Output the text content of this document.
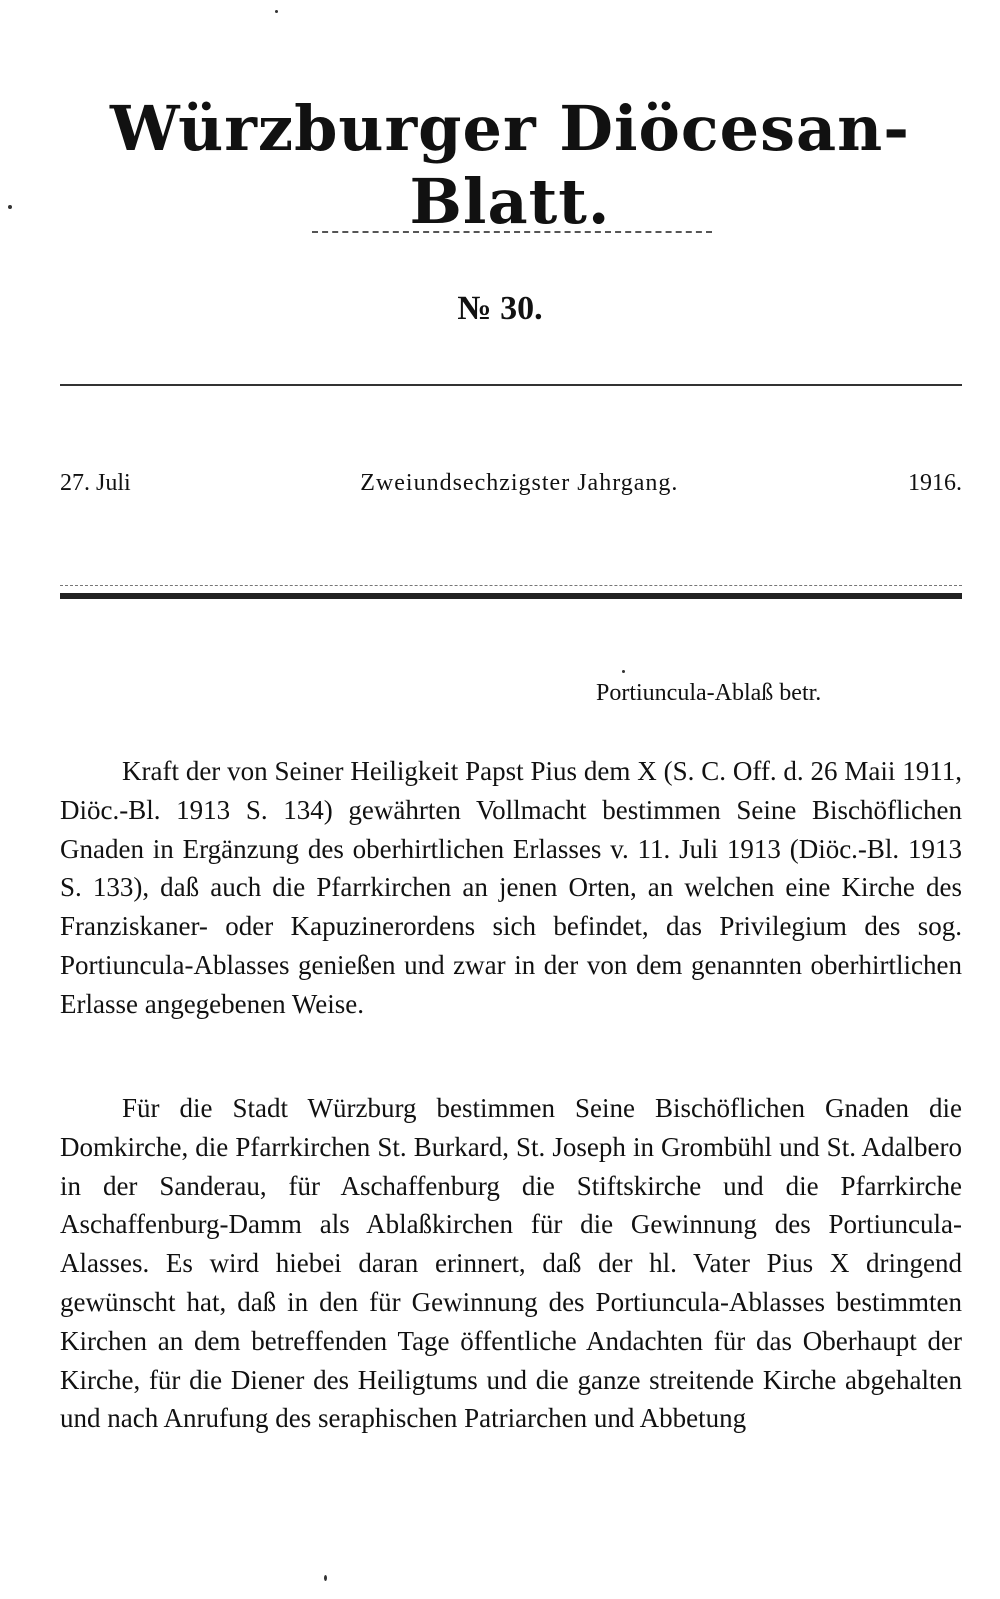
Würzburger Diöcesan-Blatt.
№ 30.
27. Juli	Zweiundsechzigster Jahrgang.	1916.
Portiuncula-Ablaß betr.

Kraft der von Seiner Heiligkeit Papst Pius dem X (S. C. Off. d. 26 Maii 1911, Diöc.-Bl. 1913 S. 134) gewährten Vollmacht bestimmen Seine Bischöflichen Gnaden in Ergänzung des oberhirtlichen Erlasses v. 11. Juli 1913 (Diöc.-Bl. 1913 S. 133), daß auch die Pfarrkirchen an jenen Orten, an welchen eine Kirche des Franziskaner- oder Kapuzinerordens sich befindet, das Privilegium des sog. Portiuncula-Ablasses genießen und zwar in der von dem genannten oberhirtlichen Erlasse angegebenen Weise.

Für die Stadt Würzburg bestimmen Seine Bischöflichen Gnaden die Domkirche, die Pfarrkirchen St. Burkard, St. Joseph in Grombühl und St. Adalbero in der Sanderau, für Aschaffenburg die Stiftskirche und die Pfarrkirche Aschaffenburg-Damm als Ablaßkirchen für die Gewinnung des Portiuncula-Alasses. Es wird hiebei daran erinnert, daß der hl. Vater Pius X dringend gewünscht hat, daß in den für Gewinnung des Portiuncula-Ablasses bestimmten Kirchen an dem betreffenden Tage öffentliche Andachten für das Oberhaupt der Kirche, für die Diener des Heiligtums und die ganze streitende Kirche abgehalten und nach Anrufung des seraphischen Patriarchen und Abbetung
